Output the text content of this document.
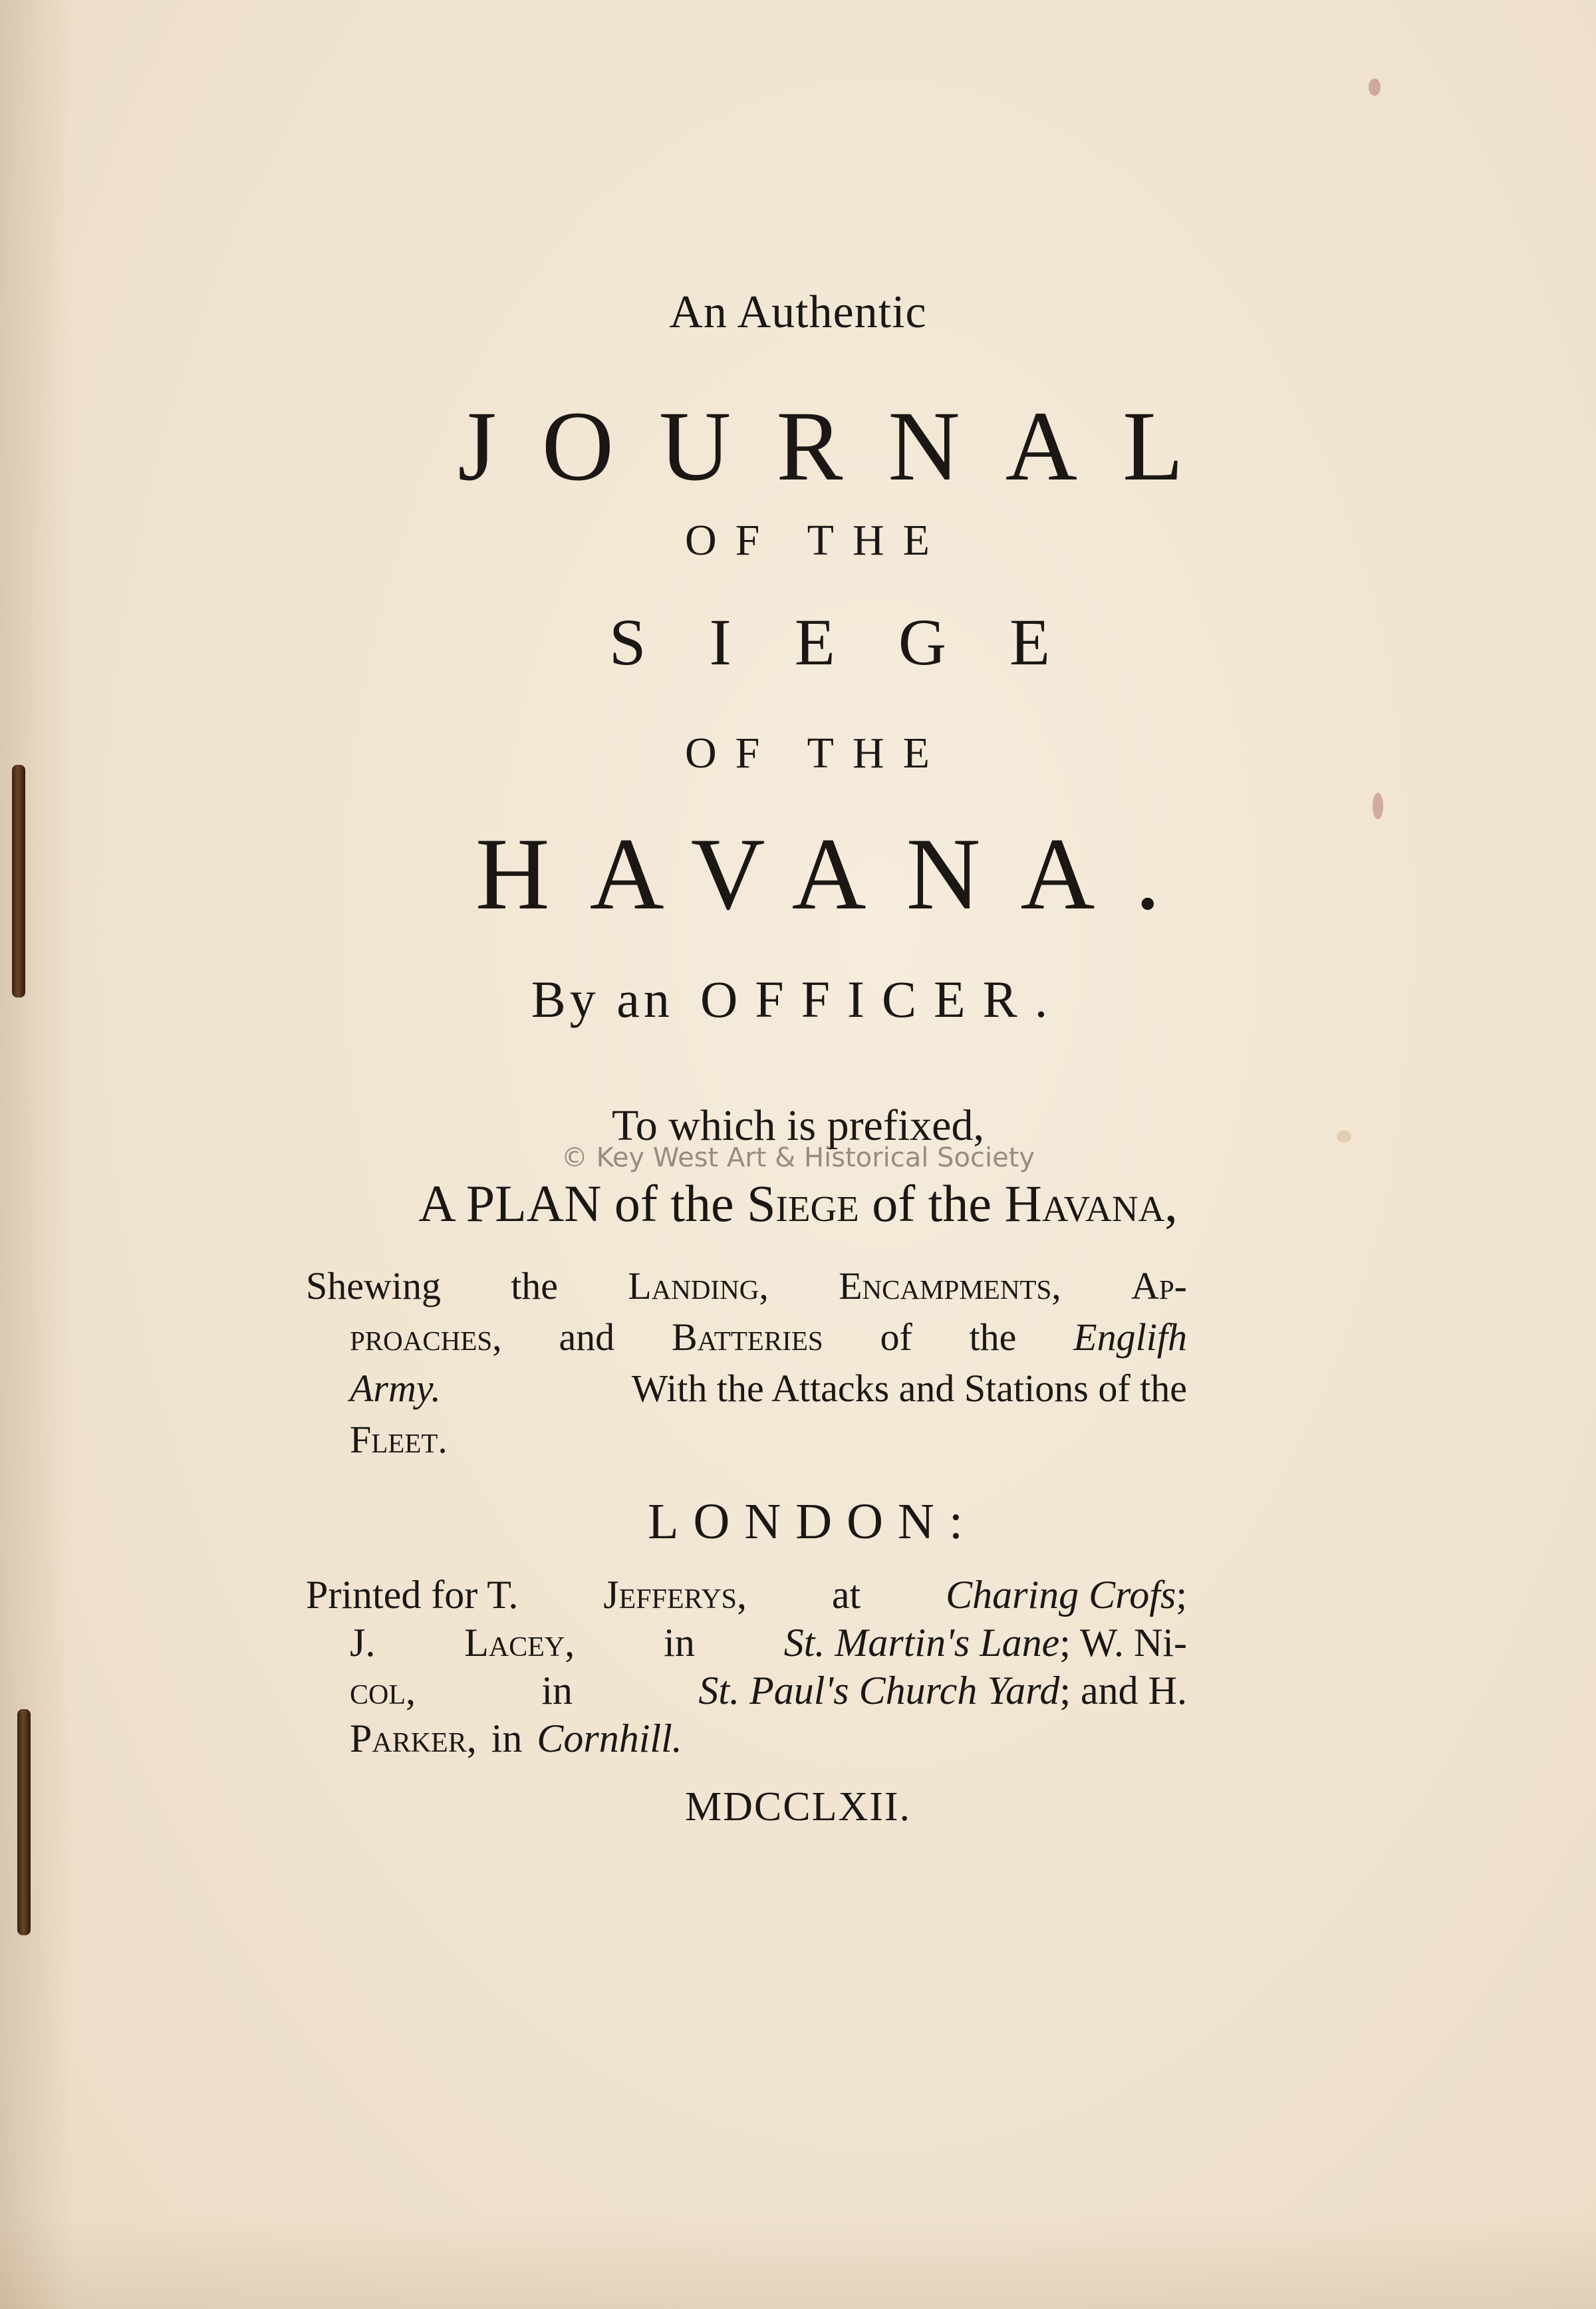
An Authentic
JOURNAL
OF THE
SIEGE
OF THE
HAVANA.
By an OFFICER.
To which is prefixed,
© Key West Art & Historical Society
A PLAN of the Siege of the Havana,
Shewing the Landing, Encampments, Ap-
proaches, and Batteries of the Englifh
Army.	With the Attacks and Stations of the
Fleet.
LONDON:
Printed for T. Jefferys, at Charing Crofs;
J. Lacey, in St. Martin's Lane; W. Ni-
col,	in	St. Paul's Church Yard; and H.
Parker, in Cornhill.
MDCCLXII.
